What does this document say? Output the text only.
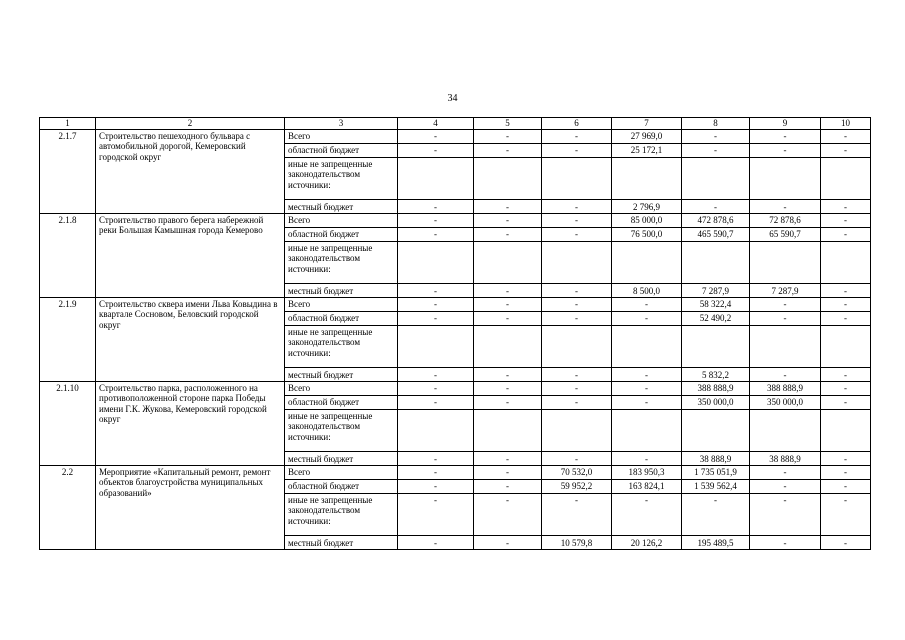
34
1	2	3	4	5	6	7	8	9	10
2.1.7	Строительство пешеходного бульвара с автомобильной дорогой, Кемеровский городской округ	Всего	-	-	-	27 969,0	-	-	-
		областной бюджет	-	-	-	25 172,1	-	-	-
		иные не запрещенные законодательством источники:							
		местный бюджет	-	-	-	2 796,9	-	-	-
2.1.8	Строительство правого берега набережной реки Большая Камышная города Кемерово	Всего	-	-	-	85 000,0	472 878,6	72 878,6	-
		областной бюджет	-	-	-	76 500,0	465 590,7	65 590,7	-
		иные не запрещенные законодательством источники:							
		местный бюджет	-	-	-	8 500,0	7 287,9	7 287,9	-
2.1.9	Строительство сквера имени Льва Ковыдина в квартале Сосновом, Беловский городской округ	Всего	-	-	-	-	58 322,4	-	-
		областной бюджет	-	-	-	-	52 490,2	-	-
		иные не запрещенные законодательством источники:							
		местный бюджет	-	-	-	-	5 832,2	-	-
2.1.10	Строительство парка, расположенного на противоположенной стороне парка Победы имени Г.К. Жукова, Кемеровский городской округ	Всего	-	-	-	-	388 888,9	388 888,9	-
		областной бюджет	-	-	-	-	350 000,0	350 000,0	-
		иные не запрещенные законодательством источники:							
		местный бюджет	-	-	-	-	38 888,9	38 888,9	-
2.2	Мероприятие «Капитальный ремонт, ремонт объектов благоустройства муниципальных образований»	Всего	-	-	70 532,0	183 950,3	1 735 051,9	-	-
		областной бюджет	-	-	59 952,2	163 824,1	1 539 562,4	-	-
		иные не запрещенные законодательством источники:	-	-	-	-	-	-	-
		местный бюджет	-	-	10 579,8	20 126,2	195 489,5	-	-
